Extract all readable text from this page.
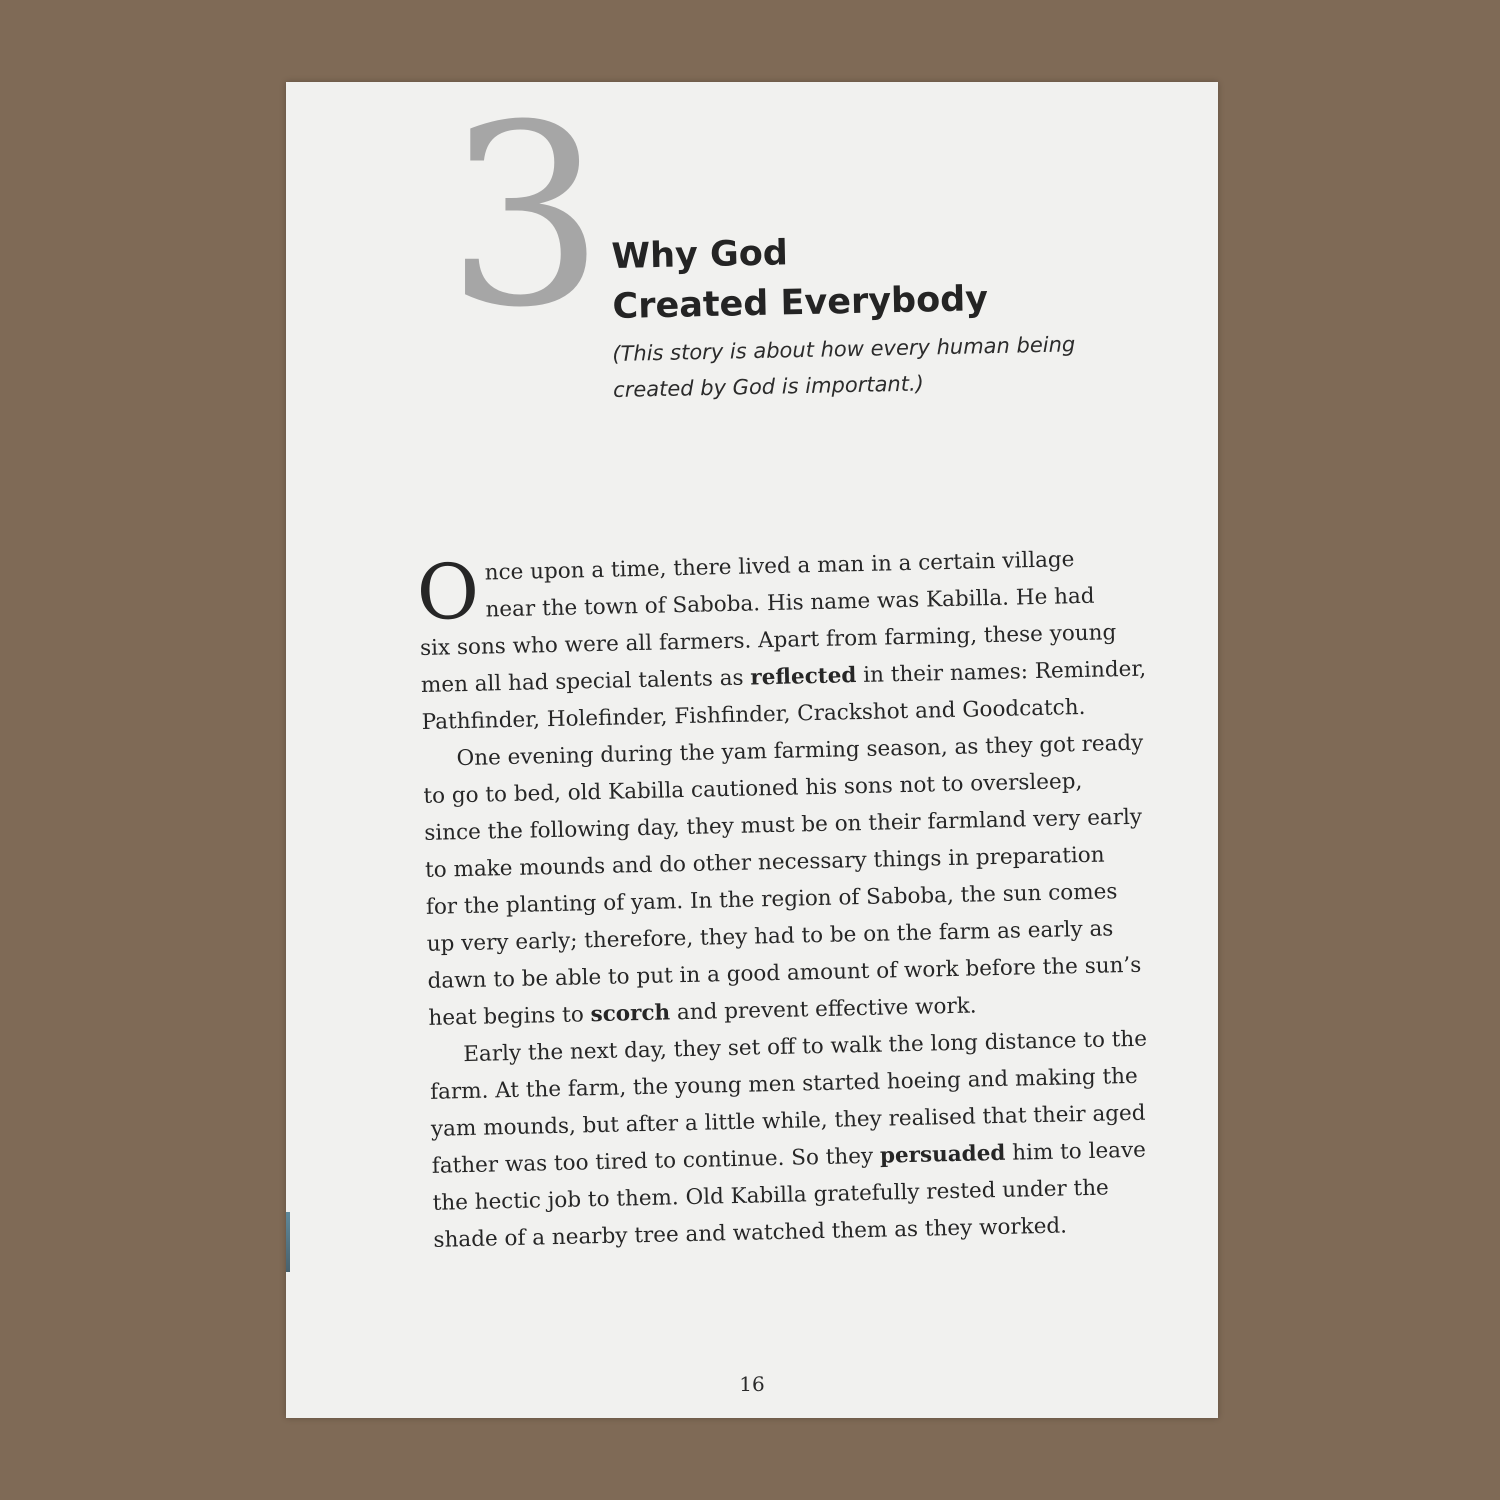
3 Why God
Created Everybody
(This story is about how every human being
created by God is important.)
O nce upon a time, there lived a man in a certain village
near the town of Saboba. His name was Kabilla. He had
six sons who were all farmers. Apart from farming, these young
men all had special talents as reflected in their names: Reminder,
Pathfinder, Holefinder, Fishfinder, Crackshot and Goodcatch.
One evening during the yam farming season, as they got ready
to go to bed, old Kabilla cautioned his sons not to oversleep,
since the following day, they must be on their farmland very early
to make mounds and do other necessary things in preparation
for the planting of yam. In the region of Saboba, the sun comes
up very early; therefore, they had to be on the farm as early as
dawn to be able to put in a good amount of work before the sun’s
heat begins to scorch and prevent effective work.
Early the next day, they set off to walk the long distance to the
farm. At the farm, the young men started hoeing and making the
yam mounds, but after a little while, they realised that their aged
father was too tired to continue. So they persuaded him to leave
the hectic job to them. Old Kabilla gratefully rested under the
shade of a nearby tree and watched them as they worked.
16
